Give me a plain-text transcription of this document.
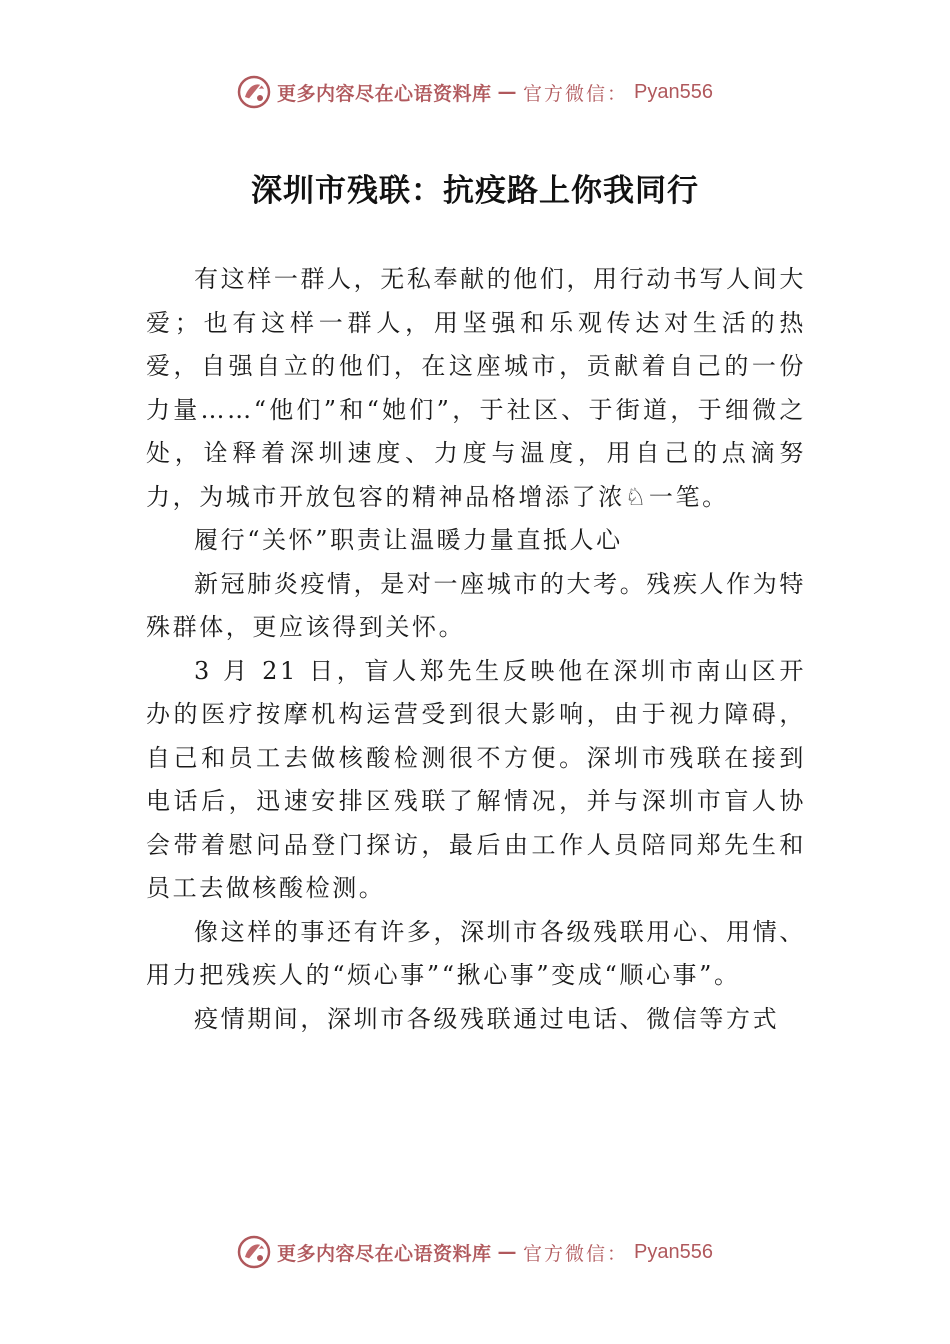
更多内容尽在心语资料库 — 官方微信： Pyan556
深圳市残联：抗疫路上你我同行

有这样一群人，无私奉献的他们，用行动书写人间大爱；也有这样一群人，用坚强和乐观传达对生活的热爱，自强自立的他们，在这座城市，贡献着自己的一份力量……“他们”和“她们”，于社区、于街道，于细微之处，诠释着深圳速度、力度与温度，用自己的点滴努力，为城市开放包容的精神品格增添了浓♘一笔。

履行“关怀”职责让温暖力量直抵人心

新冠肺炎疫情，是对一座城市的大考。残疾人作为特殊群体，更应该得到关怀。

3 月 21 日，盲人郑先生反映他在深圳市南山区开办的医疗按摩机构运营受到很大影响，由于视力障碍，自己和员工去做核酸检测很不方便。深圳市残联在接到电话后，迅速安排区残联了解情况，并与深圳市盲人协会带着慰问品登门探访，最后由工作人员陪同郑先生和员工去做核酸检测。

像这样的事还有许多，深圳市各级残联用心、用情、用力把残疾人的“烦心事”“揪心事”变成“顺心事”。

疫情期间，深圳市各级残联通过电话、微信等方式

更多内容尽在心语资料库 — 官方微信： Pyan556
